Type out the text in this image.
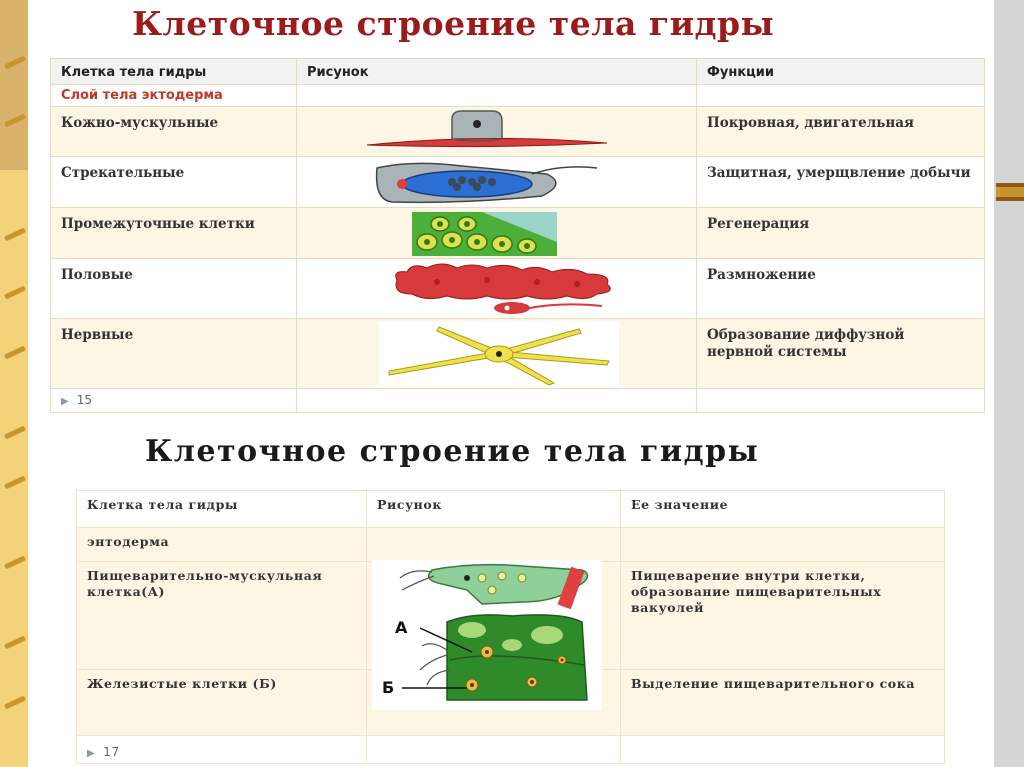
Клеточное строение тела гидры
Клетка тела гидры	Рисунок	Функции
Слой тела эктодерма		
Кожно-мускульные		Покровная, двигательная
Стрекательные		Защитная, умерщвление добычи
Промежуточные клетки		Регенерация
Половые		Размножение
Нервные		Образование диффузной нервной системы
▶ 15		
Клеточное строение тела гидры
Клетка тела гидры	Рисунок	Ее значение
энтодерма		
Пищеварительно-мускульная клетка(А)		Пищеварение внутри клетки, образование пищеварительных вакуолей
Железистые клетки (Б)		Выделение пищеварительного сока
▶ 17		
А
Б
